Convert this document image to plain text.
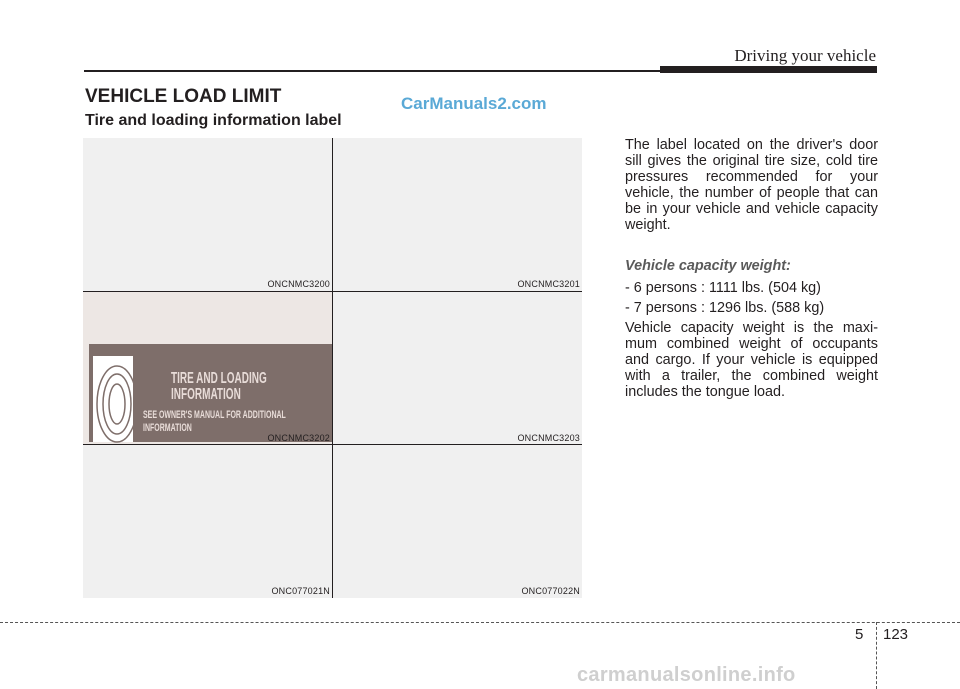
Driving your vehicle
VEHICLE LOAD LIMIT	CarManuals2.com
Tire and loading information label
ONCNMC3200	ONCNMC3201
TIRE AND LOADING INFORMATION
SEE OWNER'S MANUAL FOR ADDITIONAL INFORMATION
ONCNMC3202	ONCNMC3203
ONC077021N	ONC077022N
The label located on the driver's door sill gives the original tire size, cold tire pressures recommended for your vehicle, the number of people that can be in your vehicle and vehicle capacity weight.
Vehicle capacity weight:
- 6 persons : 1111 lbs. (504 kg)
- 7 persons : 1296 lbs. (588 kg)
Vehicle capacity weight is the maxi-mum combined weight of occupants and cargo. If your vehicle is equipped with a trailer, the combined weight includes the tongue load.
5 123
carmanualsonline.info
